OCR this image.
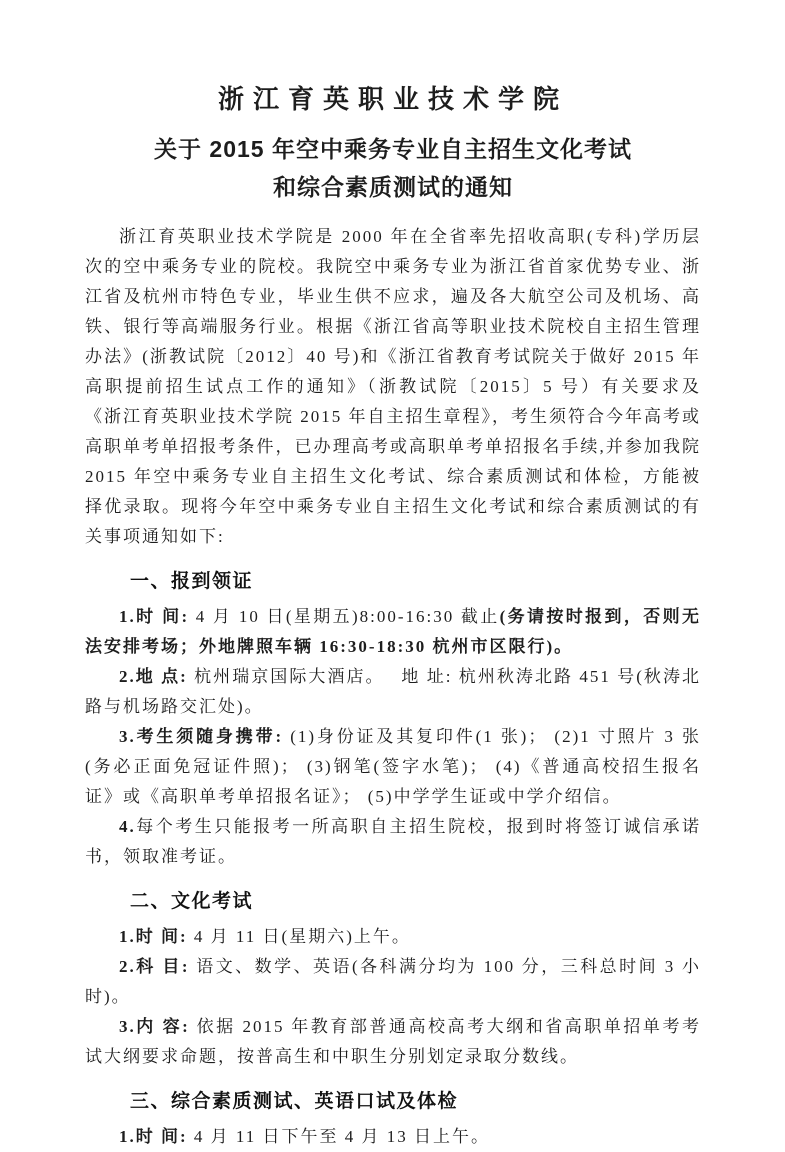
浙江育英职业技术学院
关于 2015 年空中乘务专业自主招生文化考试
和综合素质测试的通知

浙江育英职业技术学院是 2000 年在全省率先招收高职(专科)学历层次的空中乘务专业的院校。我院空中乘务专业为浙江省首家优势专业、浙江省及杭州市特色专业，毕业生供不应求，遍及各大航空公司及机场、高铁、银行等高端服务行业。根据《浙江省高等职业技术院校自主招生管理办法》(浙教试院〔2012〕40 号)和《浙江省教育考试院关于做好 2015 年高职提前招生试点工作的通知》（浙教试院〔2015〕5 号）有关要求及《浙江育英职业技术学院 2015 年自主招生章程》，考生须符合今年高考或高职单考单招报考条件，已办理高考或高职单考单招报名手续,并参加我院 2015 年空中乘务专业自主招生文化考试、综合素质测试和体检，方能被择优录取。现将今年空中乘务专业自主招生文化考试和综合素质测试的有关事项通知如下:

一、报到领证

1.时 间: 4 月 10 日(星期五)8:00-16:30 截止(务请按时报到，否则无法安排考场；外地牌照车辆 16:30-18:30 杭州市区限行)。

2.地 点: 杭州瑞京国际大酒店。　 地 址: 杭州秋涛北路 451 号(秋涛北路与机场路交汇处)。

3.考生须随身携带: (1)身份证及其复印件(1 张)； (2)1 寸照片 3 张(务必正面免冠证件照)； (3)钢笔(签字水笔)； (4)《普通高校招生报名证》或《高职单考单招报名证》； (5)中学学生证或中学介绍信。

4.每个考生只能报考一所高职自主招生院校，报到时将签订诚信承诺书，领取准考证。

二、文化考试

1.时 间: 4 月 11 日(星期六)上午。

2.科 目: 语文、数学、英语(各科满分均为 100 分，三科总时间 3 小时)。

3.内 容: 依据 2015 年教育部普通高校高考大纲和省高职单招单考考试大纲要求命题，按普高生和中职生分别划定录取分数线。

三、综合素质测试、英语口试及体检

1.时 间: 4 月 11 日下午至 4 月 13 日上午。
